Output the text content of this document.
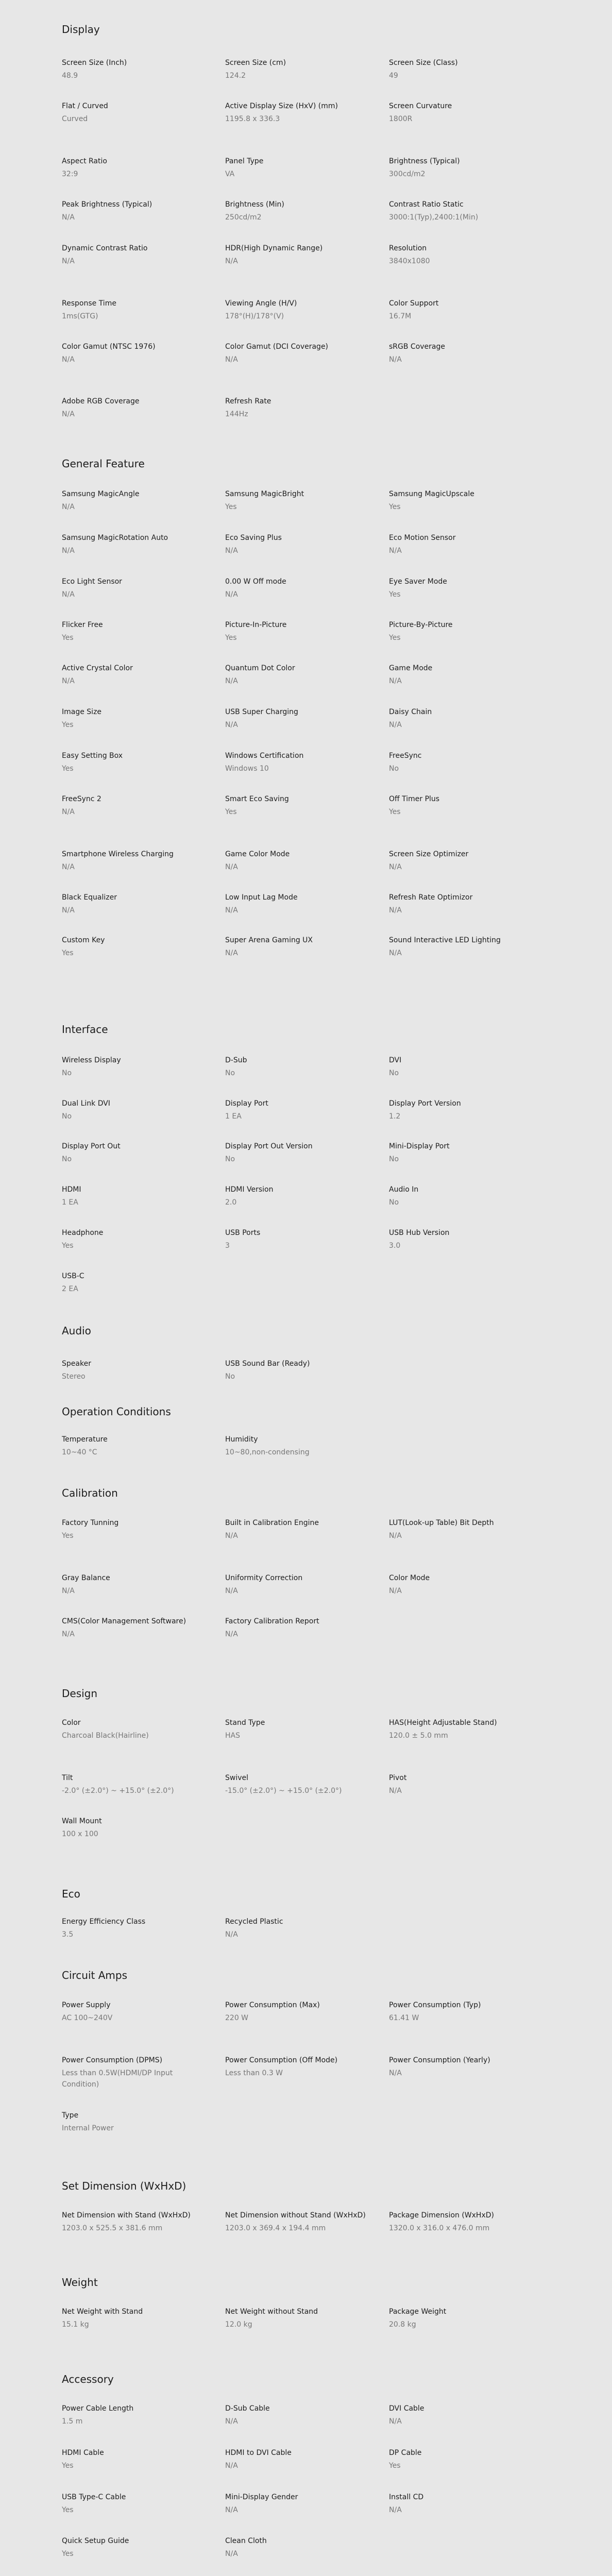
Display
Screen Size (Inch)
48.9
Screen Size (cm)
124.2
Screen Size (Class)
49
Flat / Curved
Curved
Active Display Size (HxV) (mm)
1195.8 x 336.3
Screen Curvature
1800R
Aspect Ratio
32:9
Panel Type
VA
Brightness (Typical)
300cd/m2
Peak Brightness (Typical)
N/A
Brightness (Min)
250cd/m2
Contrast Ratio Static
3000:1(Typ),2400:1(Min)
Dynamic Contrast Ratio
N/A
HDR(High Dynamic Range)
N/A
Resolution
3840x1080
Response Time
1ms(GTG)
Viewing Angle (H/V)
178°(H)/178°(V)
Color Support
16.7M
Color Gamut (NTSC 1976)
N/A
Color Gamut (DCI Coverage)
N/A
sRGB Coverage
N/A
Adobe RGB Coverage
N/A
Refresh Rate
144Hz
General Feature
Samsung MagicAngle
N/A
Samsung MagicBright
Yes
Samsung MagicUpscale
Yes
Samsung MagicRotation Auto
N/A
Eco Saving Plus
N/A
Eco Motion Sensor
N/A
Eco Light Sensor
N/A
0.00 W Off mode
N/A
Eye Saver Mode
Yes
Flicker Free
Yes
Picture-In-Picture
Yes
Picture-By-Picture
Yes
Active Crystal Color
N/A
Quantum Dot Color
N/A
Game Mode
N/A
Image Size
Yes
USB Super Charging
N/A
Daisy Chain
N/A
Easy Setting Box
Yes
Windows Certification
Windows 10
FreeSync
No
FreeSync 2
N/A
Smart Eco Saving
Yes
Off Timer Plus
Yes
Smartphone Wireless Charging
N/A
Game Color Mode
N/A
Screen Size Optimizer
N/A
Black Equalizer
N/A
Low Input Lag Mode
N/A
Refresh Rate Optimizor
N/A
Custom Key
Yes
Super Arena Gaming UX
N/A
Sound Interactive LED Lighting
N/A
Interface
Wireless Display
No
D-Sub
No
DVI
No
Dual Link DVI
No
Display Port
1 EA
Display Port Version
1.2
Display Port Out
No
Display Port Out Version
No
Mini-Display Port
No
HDMI
1 EA
HDMI Version
2.0
Audio In
No
Headphone
Yes
USB Ports
3
USB Hub Version
3.0
USB-C
2 EA
Audio
Speaker
Stereo
USB Sound Bar (Ready)
No
Operation Conditions
Temperature
10~40 °C
Humidity
10~80,non-condensing
Calibration
Factory Tunning
Yes
Built in Calibration Engine
N/A
LUT(Look-up Table) Bit Depth
N/A
Gray Balance
N/A
Uniformity Correction
N/A
Color Mode
N/A
CMS(Color Management Software)
N/A
Factory Calibration Report
N/A
Design
Color
Charcoal Black(Hairline)
Stand Type
HAS
HAS(Height Adjustable Stand)
120.0 ± 5.0 mm
Tilt
-2.0° (±2.0°) ~ +15.0° (±2.0°)
Swivel
-15.0° (±2.0°) ~ +15.0° (±2.0°)
Pivot
N/A
Wall Mount
100 x 100
Eco
Energy Efficiency Class
3.5
Recycled Plastic
N/A
Circuit Amps
Power Supply
AC 100~240V
Power Consumption (Max)
220 W
Power Consumption (Typ)
61.41 W
Power Consumption (DPMS)
Less than 0.5W(HDMI/DP Input Condition)
Power Consumption (Off Mode)
Less than 0.3 W
Power Consumption (Yearly)
N/A
Type
Internal Power
Set Dimension (WxHxD)
Net Dimension with Stand (WxHxD)
1203.0 x 525.5 x 381.6 mm
Net Dimension without Stand (WxHxD)
1203.0 x 369.4 x 194.4 mm
Package Dimension (WxHxD)
1320.0 x 316.0 x 476.0 mm
Weight
Net Weight with Stand
15.1 kg
Net Weight without Stand
12.0 kg
Package Weight
20.8 kg
Accessory
Power Cable Length
1.5 m
D-Sub Cable
N/A
DVI Cable
N/A
HDMI Cable
Yes
HDMI to DVI Cable
N/A
DP Cable
Yes
USB Type-C Cable
Yes
Mini-Display Gender
N/A
Install CD
N/A
Quick Setup Guide
Yes
Clean Cloth
N/A
